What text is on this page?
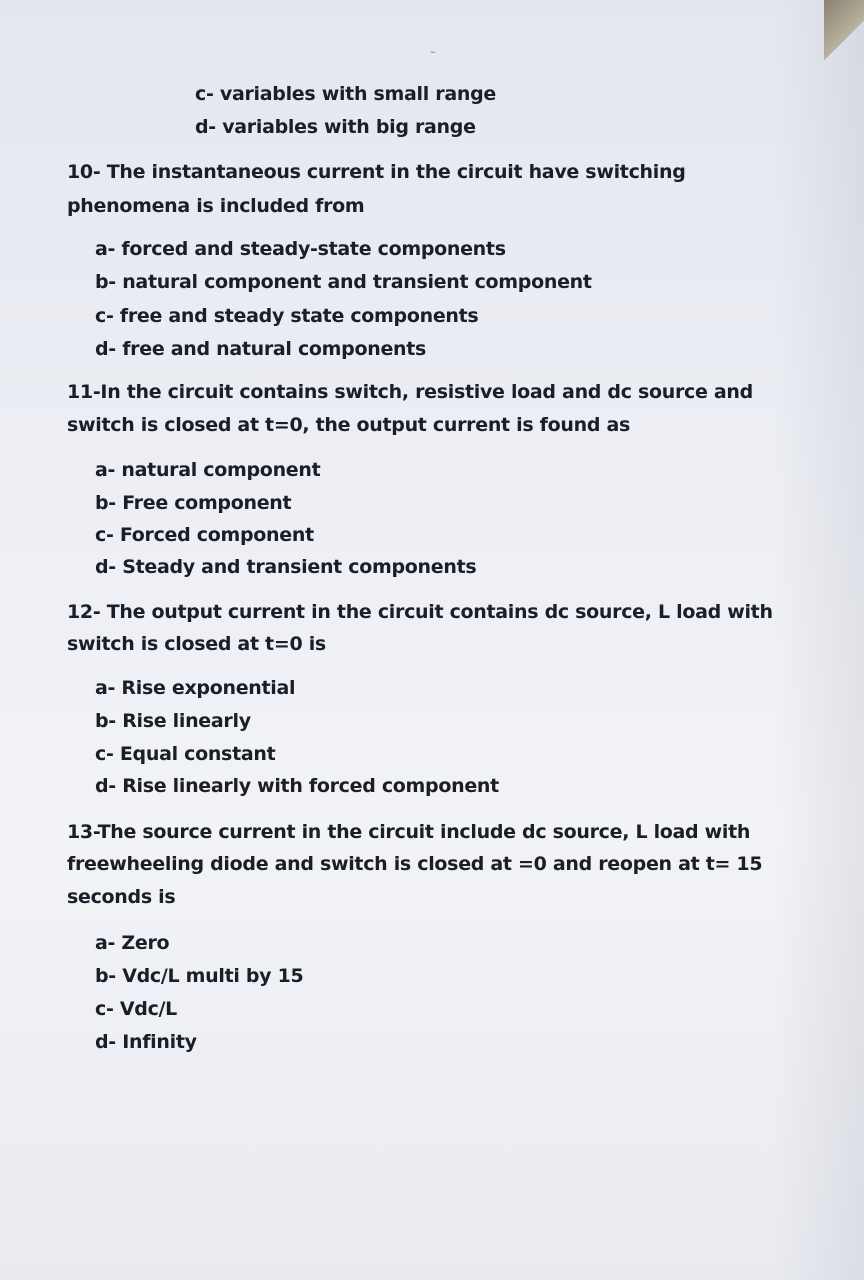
-
c- variables with small range
d- variables with big range
10- The instantaneous current in the circuit have switching
phenomena is included from
a- forced and steady-state components
b- natural component and transient component
c- free and steady state components
d- free and natural components
11-In the circuit contains switch, resistive load and dc source and
switch is closed at t=0, the output current is found as
a- natural component
b- Free component
c- Forced component
d- Steady and transient components
12- The output current in the circuit contains dc source, L load with
switch is closed at t=0 is
a- Rise exponential
b- Rise linearly
c- Equal constant
d- Rise linearly with forced component
13-The source current in the circuit include dc source, L load with
freewheeling diode and switch is closed at =0 and reopen at t= 15
seconds is
a- Zero
b- Vdc/L multi by 15
c- Vdc/L
d- Infinity
